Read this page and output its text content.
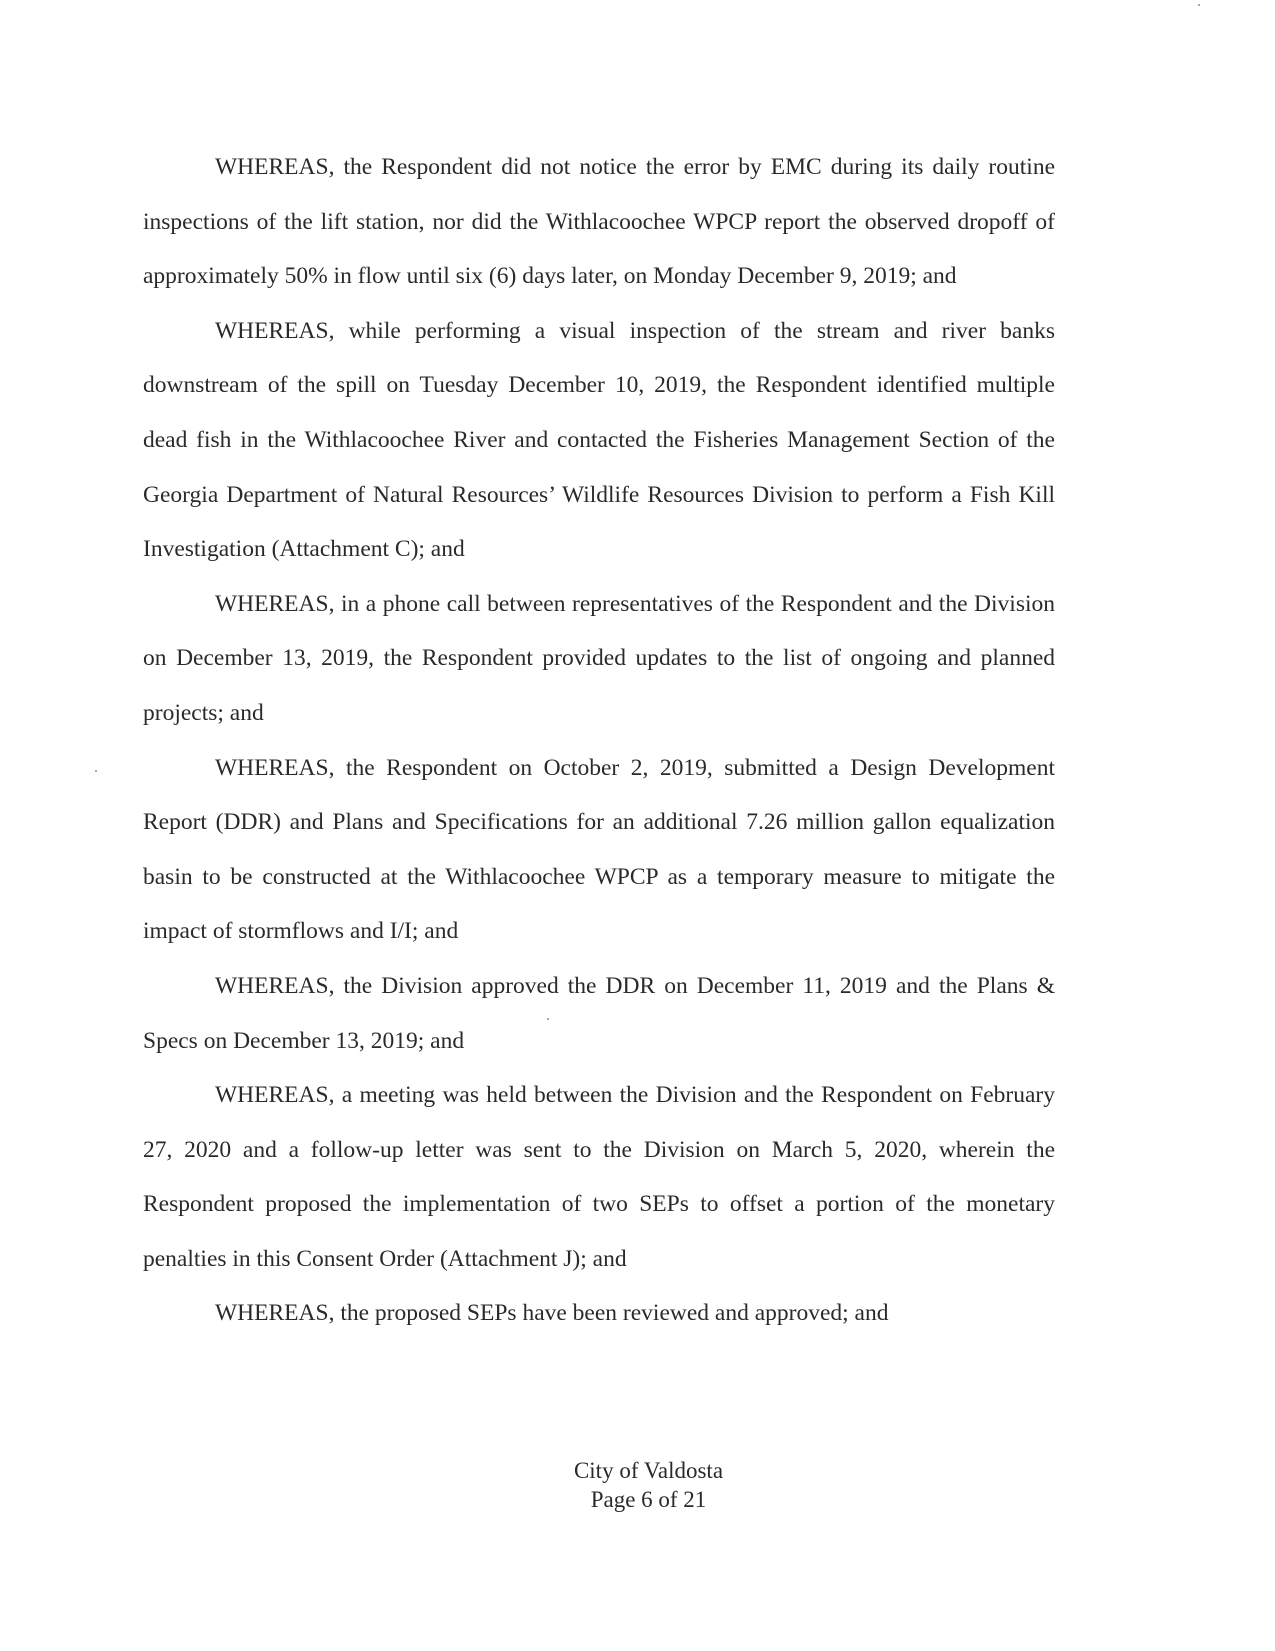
WHEREAS, the Respondent did not notice the error by EMC during its daily routine inspections of the lift station, nor did the Withlacoochee WPCP report the observed dropoff of approximately 50% in flow until six (6) days later, on Monday December 9, 2019; and

WHEREAS, while performing a visual inspection of the stream and river banks downstream of the spill on Tuesday December 10, 2019, the Respondent identified multiple dead fish in the Withlacoochee River and contacted the Fisheries Management Section of the Georgia Department of Natural Resources’ Wildlife Resources Division to perform a Fish Kill Investigation (Attachment C); and

WHEREAS, in a phone call between representatives of the Respondent and the Division on December 13, 2019, the Respondent provided updates to the list of ongoing and planned projects; and

WHEREAS, the Respondent on October 2, 2019, submitted a Design Development Report (DDR) and Plans and Specifications for an additional 7.26 million gallon equalization basin to be constructed at the Withlacoochee WPCP as a temporary measure to mitigate the impact of stormflows and I/I; and

WHEREAS, the Division approved the DDR on December 11, 2019 and the Plans & Specs on December 13, 2019; and

WHEREAS, a meeting was held between the Division and the Respondent on February 27, 2020 and a follow-up letter was sent to the Division on March 5, 2020, wherein the Respondent proposed the implementation of two SEPs to offset a portion of the monetary penalties in this Consent Order (Attachment J); and

WHEREAS, the proposed SEPs have been reviewed and approved; and

City of Valdosta
Page 6 of 21
